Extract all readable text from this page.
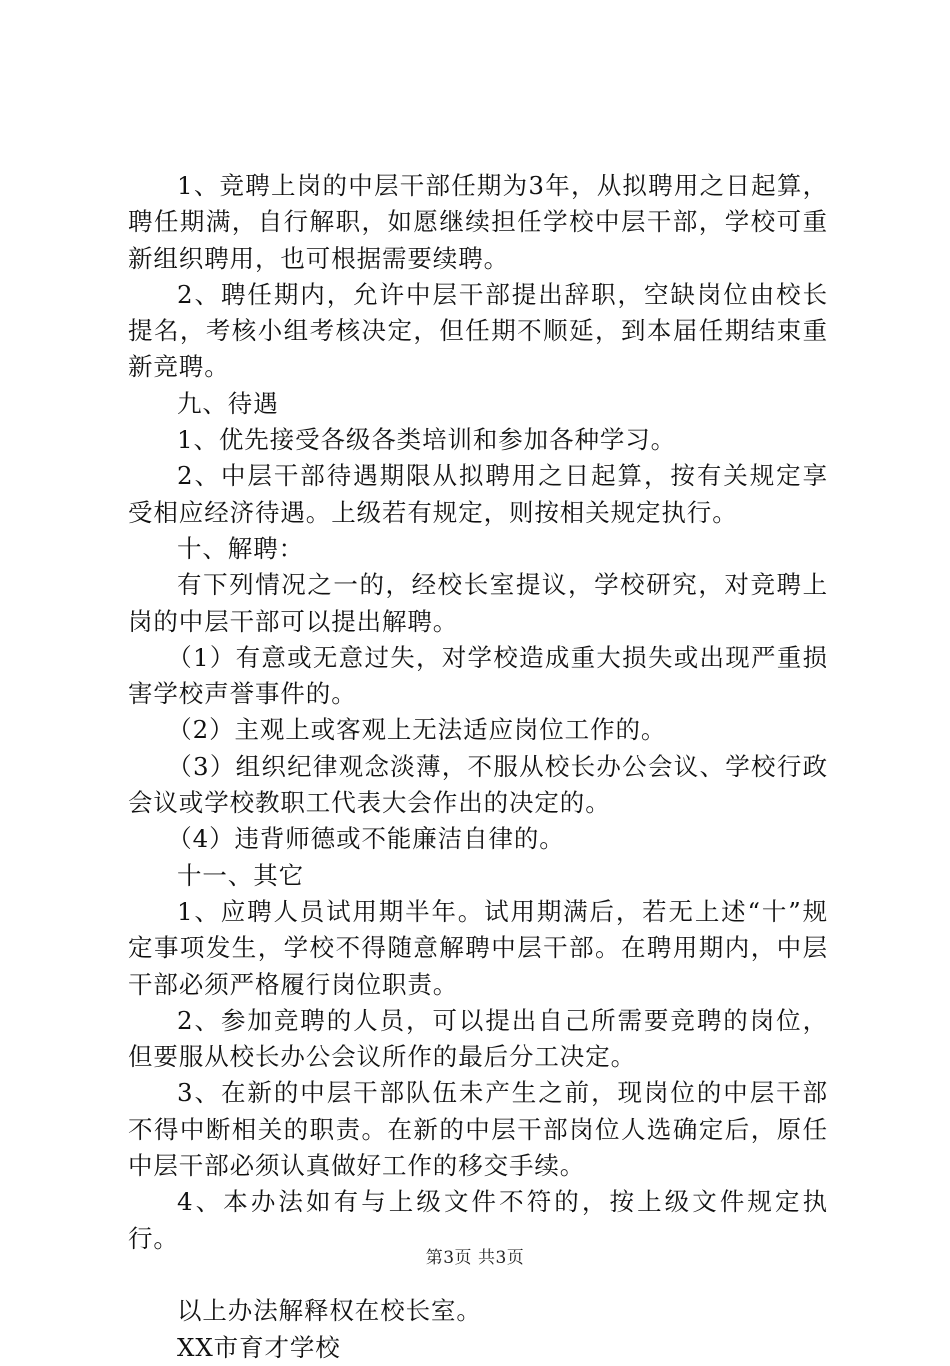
1、竞聘上岗的中层干部任期为3年，从拟聘用之日起算，聘任期满，自行解职，如愿继续担任学校中层干部，学校可重新组织聘用，也可根据需要续聘。

2、聘任期内，允许中层干部提出辞职，空缺岗位由校长提名，考核小组考核决定，但任期不顺延，到本届任期结束重新竞聘。

九、待遇

1、优先接受各级各类培训和参加各种学习。

2、中层干部待遇期限从拟聘用之日起算，按有关规定享受相应经济待遇。上级若有规定，则按相关规定执行。

十、解聘：

有下列情况之一的，经校长室提议，学校研究，对竞聘上岗的中层干部可以提出解聘。

（1）有意或无意过失，对学校造成重大损失或出现严重损害学校声誉事件的。

（2）主观上或客观上无法适应岗位工作的。

（3）组织纪律观念淡薄，不服从校长办公会议、学校行政会议或学校教职工代表大会作出的决定的。

（4）违背师德或不能廉洁自律的。

十一、其它

1、应聘人员试用期半年。试用期满后，若无上述“十”规定事项发生，学校不得随意解聘中层干部。在聘用期内，中层干部必须严格履行岗位职责。

2、参加竞聘的人员，可以提出自己所需要竞聘的岗位，但要服从校长办公会议所作的最后分工决定。

3、在新的中层干部队伍未产生之前，现岗位的中层干部不得中断相关的职责。在新的中层干部岗位人选确定后，原任中层干部必须认真做好工作的移交手续。

4、本办法如有与上级文件不符的，按上级文件规定执行。

以上办法解释权在校长室。

XX市育才学校

第3页 共3页
